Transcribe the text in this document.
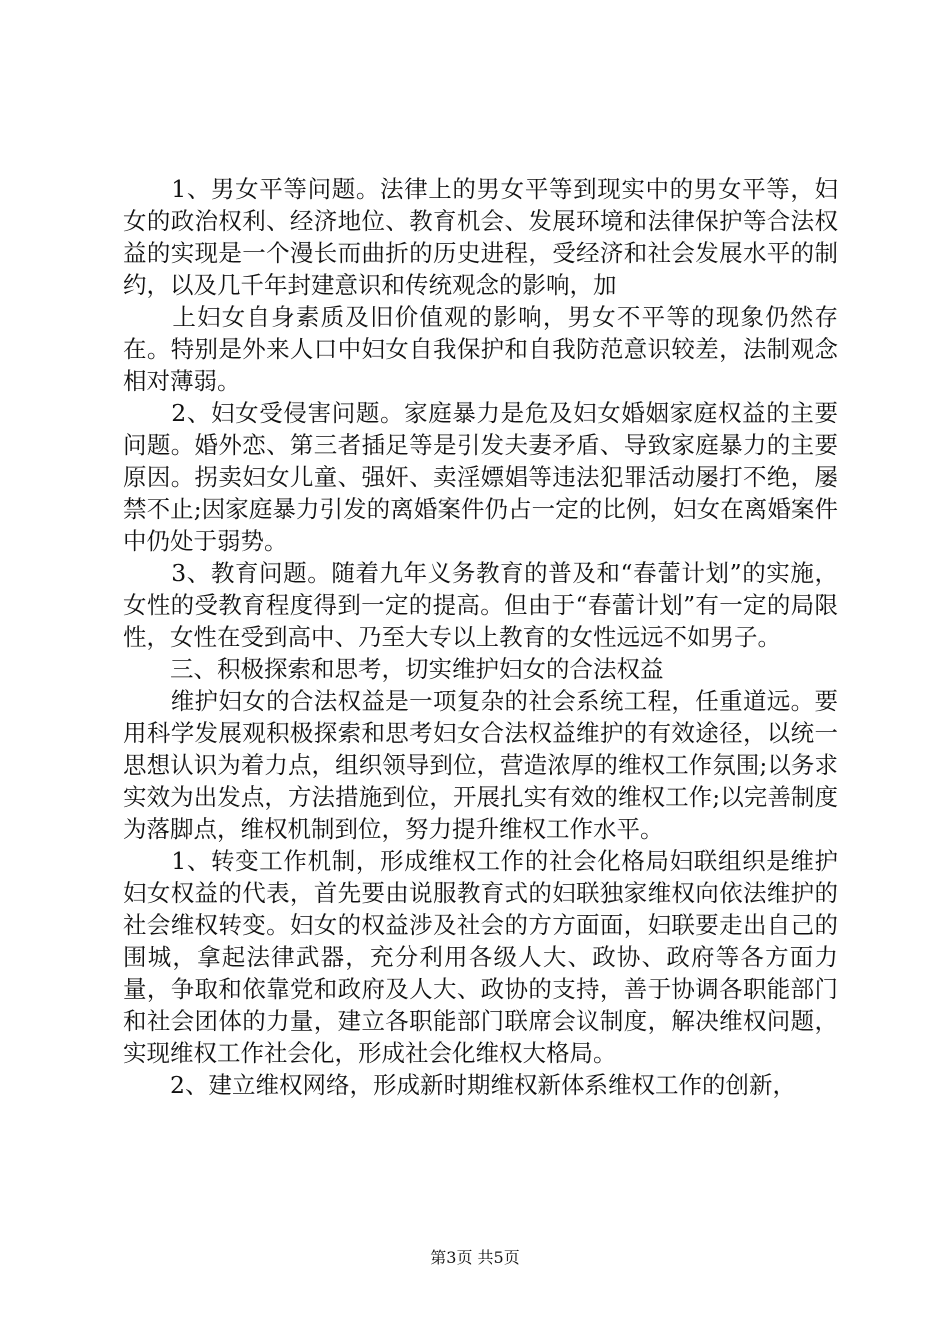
　　1、男女平等问题。法律上的男女平等到现实中的男女平等，妇女的政治权利、经济地位、教育机会、发展环境和法律保护等合法权益的实现是一个漫长而曲折的历史进程，受经济和社会发展水平的制约，以及几千年封建意识和传统观念的影响，加

　　上妇女自身素质及旧价值观的影响，男女不平等的现象仍然存在。特别是外来人口中妇女自我保护和自我防范意识较差，法制观念相对薄弱。

　　2、妇女受侵害问题。家庭暴力是危及妇女婚姻家庭权益的主要问题。婚外恋、第三者插足等是引发夫妻矛盾、导致家庭暴力的主要原因。拐卖妇女儿童、强奸、卖淫嫖娼等违法犯罪活动屡打不绝，屡禁不止;因家庭暴力引发的离婚案件仍占一定的比例，妇女在离婚案件中仍处于弱势。

　　3、教育问题。随着九年义务教育的普及和“春蕾计划”的实施，女性的受教育程度得到一定的提高。但由于“春蕾计划”有一定的局限性，女性在受到高中、乃至大专以上教育的女性远远不如男子。

　　三、积极探索和思考，切实维护妇女的合法权益

　　维护妇女的合法权益是一项复杂的社会系统工程，任重道远。要用科学发展观积极探索和思考妇女合法权益维护的有效途径，以统一思想认识为着力点，组织领导到位，营造浓厚的维权工作氛围;以务求实效为出发点，方法措施到位，开展扎实有效的维权工作;以完善制度为落脚点，维权机制到位，努力提升维权工作水平。

　　1、转变工作机制，形成维权工作的社会化格局妇联组织是维护妇女权益的代表，首先要由说服教育式的妇联独家维权向依法维护的社会维权转变。妇女的权益涉及社会的方方面面，妇联要走出自己的围城，拿起法律武器，充分利用各级人大、政协、政府等各方面力量，争取和依靠党和政府及人大、政协的支持，善于协调各职能部门和社会团体的力量，建立各职能部门联席会议制度，解决维权问题，实现维权工作社会化，形成社会化维权大格局。

　　2、建立维权网络，形成新时期维权新体系维权工作的创新，

第3页 共5页
